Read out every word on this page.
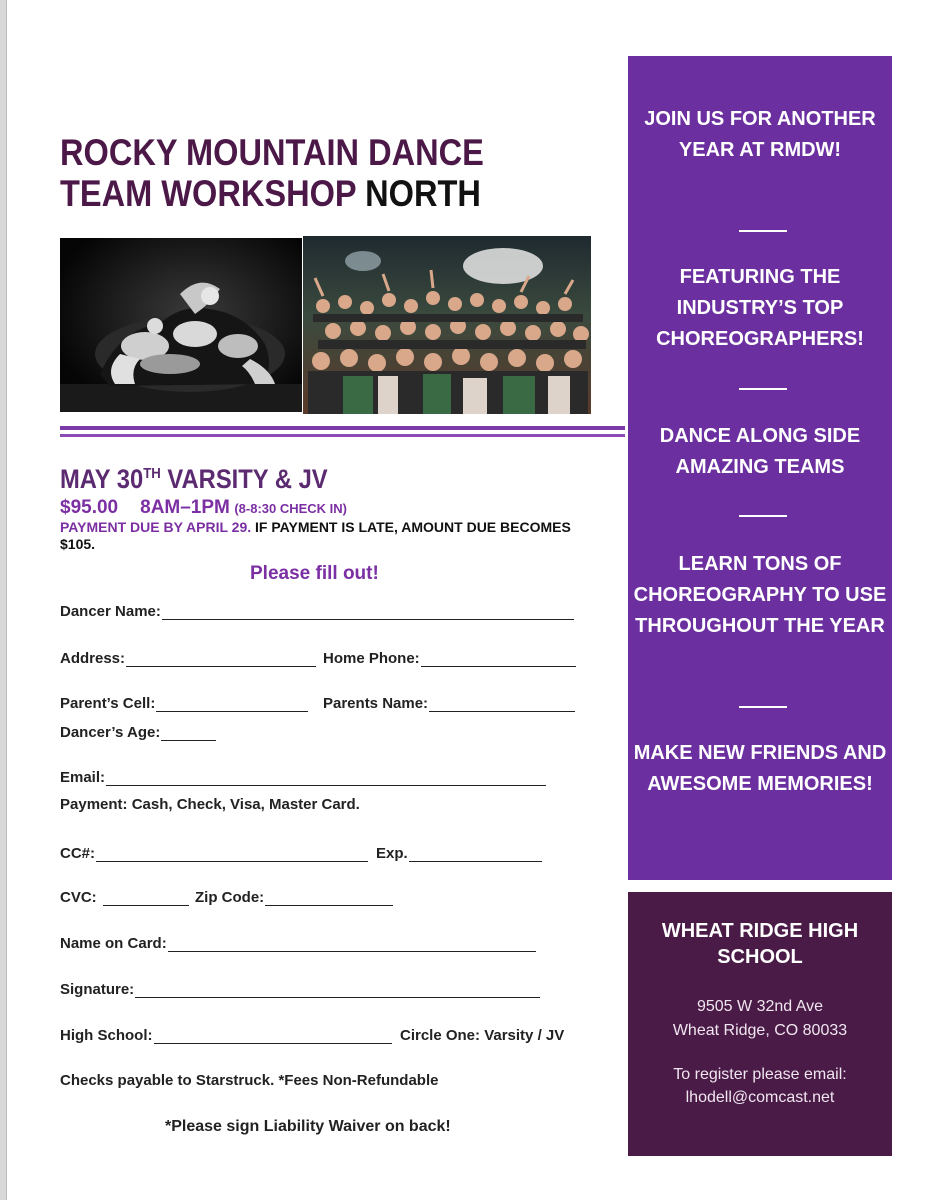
ROCKY MOUNTAIN DANCE
TEAM WORKSHOP NORTH
MAY 30TH VARSITY & JV
$95.00 8AM–1PM (8-8:30 CHECK IN)
PAYMENT DUE BY APRIL 29. IF PAYMENT IS LATE, AMOUNT DUE BECOMES $105.
Please fill out!
Dancer Name:
Address:	Home Phone:
Parent’s Cell:	Parents Name:
Dancer’s Age:
Email:
Payment: Cash, Check, Visa, Master Card.
CC#:	Exp.
CVC:	Zip Code:
Name on Card:
Signature:
High School:	Circle One: Varsity / JV
Checks payable to Starstruck. *Fees Non-Refundable
*Please sign Liability Waiver on back!
JOIN US FOR ANOTHER YEAR AT RMDW!
FEATURING THE INDUSTRY’S TOP CHOREOGRAPHERS!
DANCE ALONG SIDE AMAZING TEAMS
LEARN TONS OF CHOREOGRAPHY TO USE THROUGHOUT THE YEAR
MAKE NEW FRIENDS AND AWESOME MEMORIES!
WHEAT RIDGE HIGH SCHOOL
9505 W 32nd Ave
Wheat Ridge, CO 80033
To register please email:
lhodell@comcast.net
